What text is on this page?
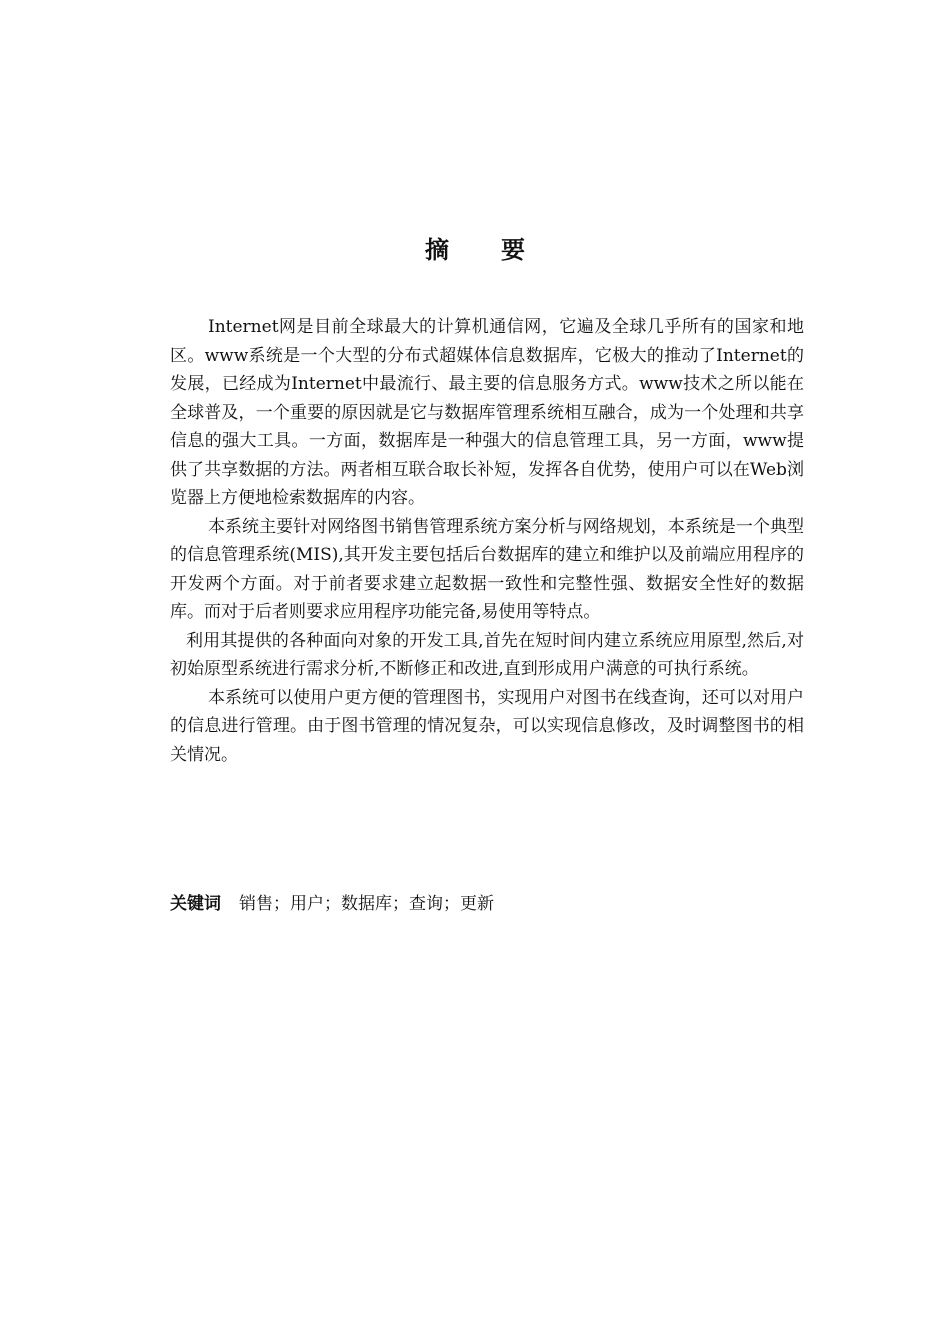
摘 要

Internet网是目前全球最大的计算机通信网，它遍及全球几乎所有的国家和地区。www系统是一个大型的分布式超媒体信息数据库，它极大的推动了Internet的发展，已经成为Internet中最流行、最主要的信息服务方式。www技术之所以能在全球普及，一个重要的原因就是它与数据库管理系统相互融合，成为一个处理和共享信息的强大工具。一方面，数据库是一种强大的信息管理工具，另一方面，www提供了共享数据的方法。两者相互联合取长补短，发挥各自优势，使用户可以在Web浏览器上方便地检索数据库的内容。

本系统主要针对网络图书销售管理系统方案分析与网络规划，本系统是一个典型的信息管理系统(MIS),其开发主要包括后台数据库的建立和维护以及前端应用程序的开发两个方面。对于前者要求建立起数据一致性和完整性强、数据安全性好的数据库。而对于后者则要求应用程序功能完备,易使用等特点。

利用其提供的各种面向对象的开发工具,首先在短时间内建立系统应用原型,然后,对初始原型系统进行需求分析,不断修正和改进,直到形成用户满意的可执行系统。

本系统可以使用户更方便的管理图书，实现用户对图书在线查询，还可以对用户的信息进行管理。由于图书管理的情况复杂，可以实现信息修改，及时调整图书的相关情况。

关键词 销售；用户；数据库；查询；更新
